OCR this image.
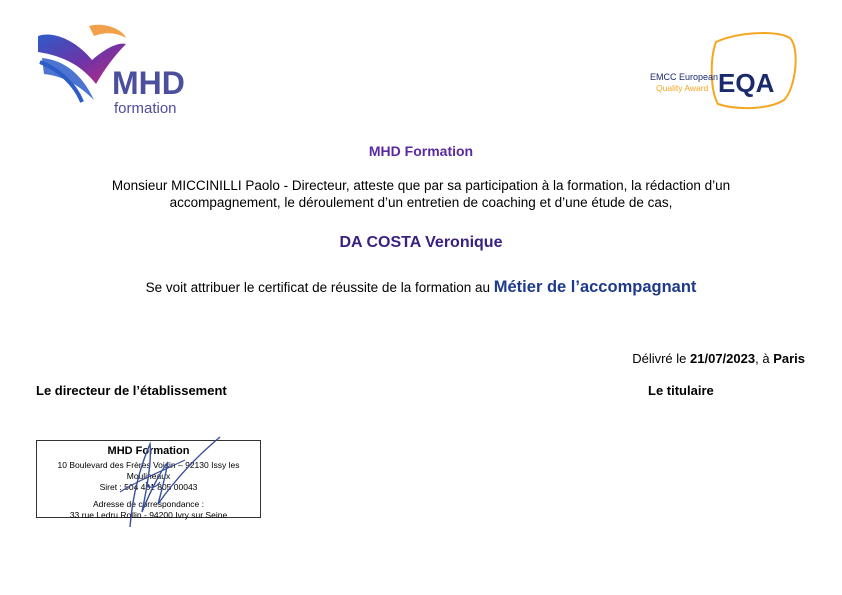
MHD
formation
EMCC European
Quality Award EQA
MHD Formation
Monsieur MICCINILLI Paolo - Directeur, atteste que par sa participation à la formation, la rédaction d’un accompagnement, le déroulement d’un entretien de coaching et d’une étude de cas,
DA COSTA Veronique
Se voit attribuer le certificat de réussite de la formation au Métier de l’accompagnant
Délivré le 21/07/2023, à Paris
Le directeur de l’établissement	Le titulaire
MHD Formation
10 Boulevard des Frères Voisin – 92130 Issy les Moulineaux
Siret : 504 481 805 00043
Adresse de correspondance :
33 rue Ledru Rollin - 94200 Ivry sur Seine
